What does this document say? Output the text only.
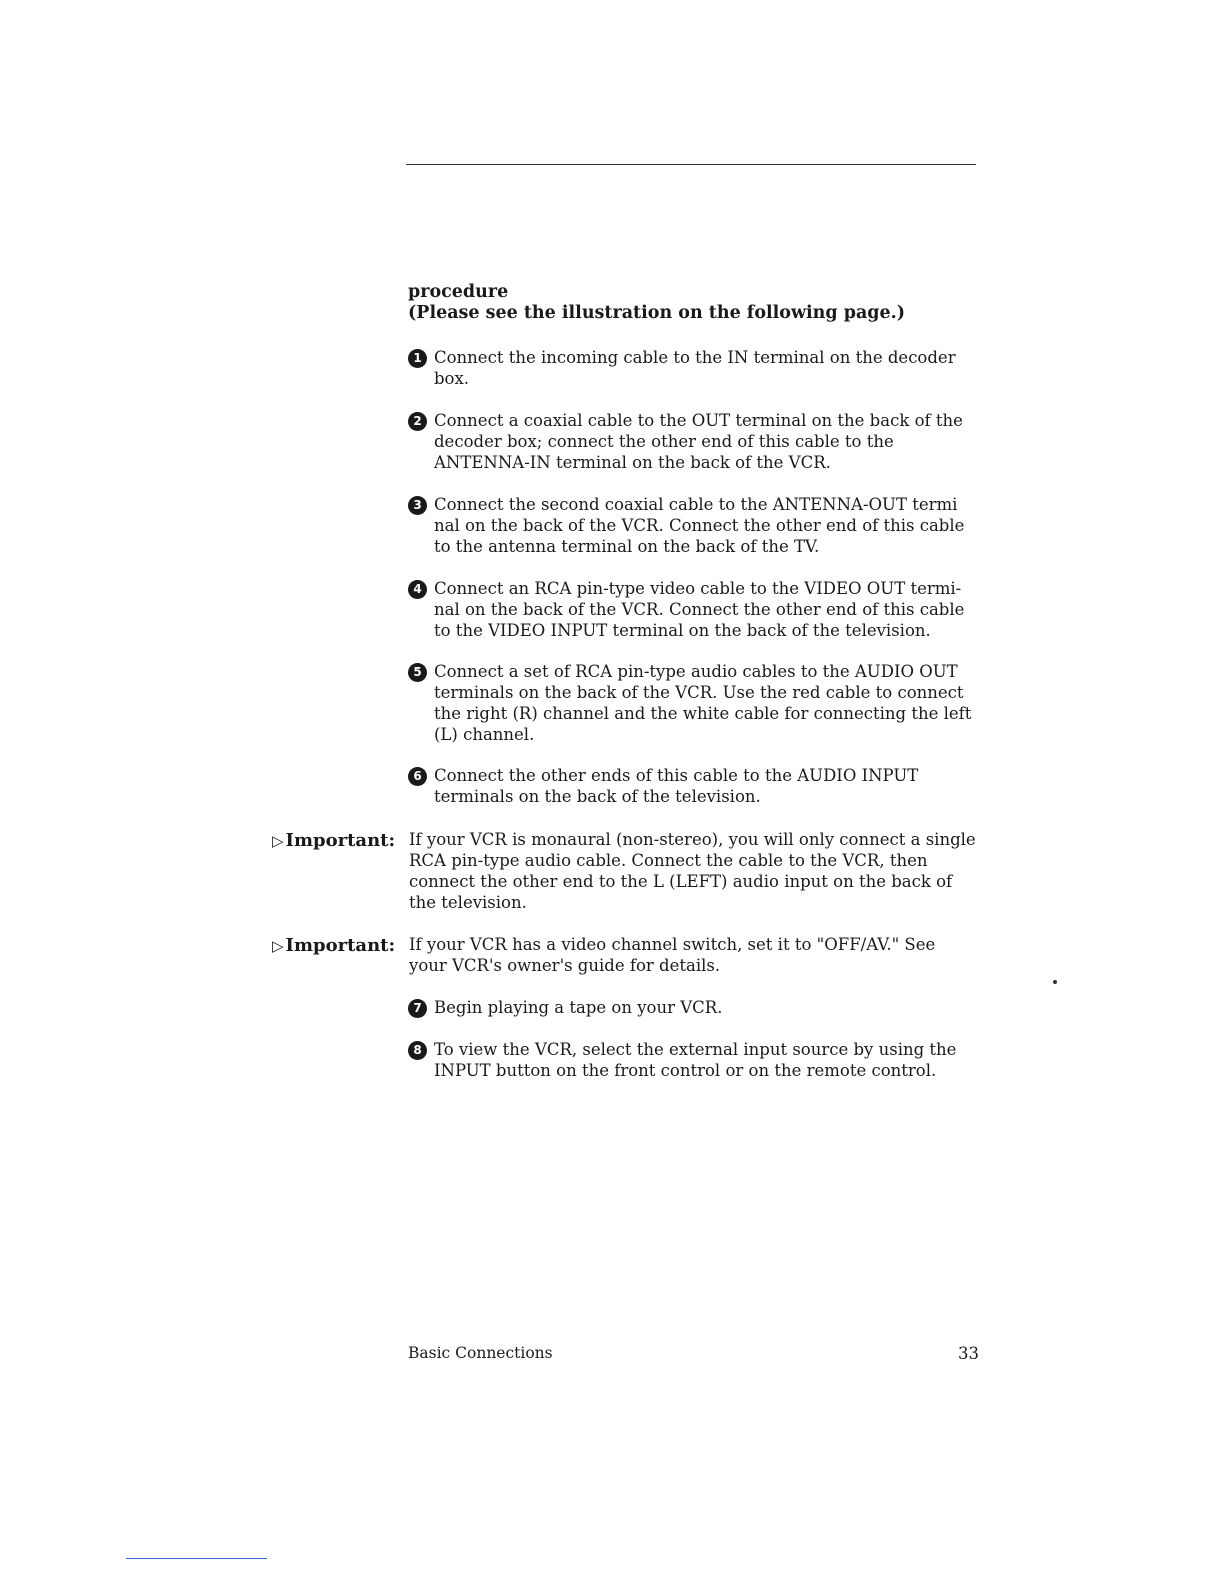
procedure
(Please see the illustration on the following page.)
1 Connect the incoming cable to the IN terminal on the decoder
box.
2 Connect a coaxial cable to the OUT terminal on the back of the
decoder box; connect the other end of this cable to the
ANTENNA-IN terminal on the back of the VCR.
3 Connect the second coaxial cable to the ANTENNA-OUT termi
nal on the back of the VCR. Connect the other end of this cable
to the antenna terminal on the back of the TV.
4 Connect an RCA pin-type video cable to the VIDEO OUT termi-
nal on the back of the VCR. Connect the other end of this cable
to the VIDEO INPUT terminal on the back of the television.
5 Connect a set of RCA pin-type audio cables to the AUDIO OUT
terminals on the back of the VCR. Use the red cable to connect
the right (R) channel and the white cable for connecting the left
(L) channel.
6 Connect the other ends of this cable to the AUDIO INPUT
terminals on the back of the television.
▷ Important: If your VCR is monaural (non-stereo), you will only connect a single
RCA pin-type audio cable. Connect the cable to the VCR, then
connect the other end to the L (LEFT) audio input on the back of
the television.
▷ Important: If your VCR has a video channel switch, set it to "OFF/AV." See
your VCR's owner's guide for details.
7 Begin playing a tape on your VCR.
8 To view the VCR, select the external input source by using the
INPUT button on the front control or on the remote control.
Basic Connections	33
